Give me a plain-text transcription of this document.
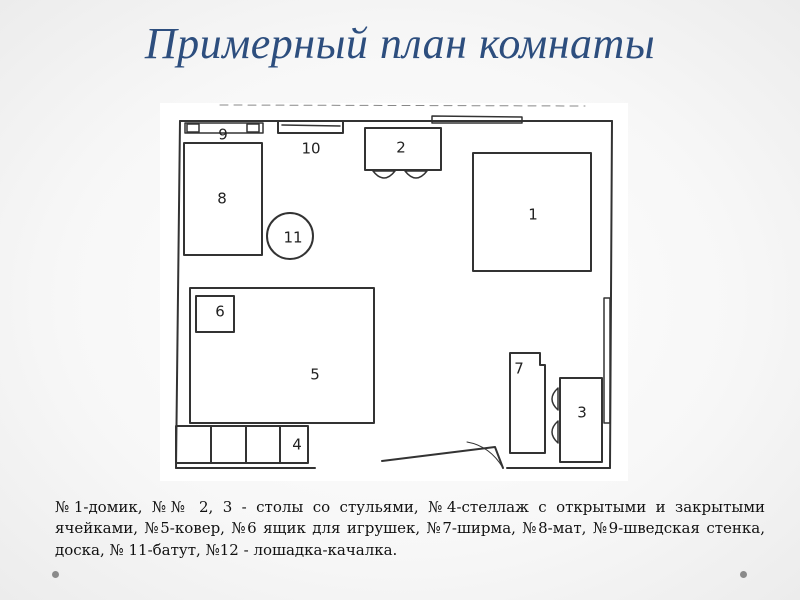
Примерный план комнаты
1
2
3
4
5
6
7
8
9
10
11

№1-домик, №№ 2, 3 - столы со стульями, №4-стеллаж с открытыми и закрытыми ячейками, №5-ковер, №6 ящик для игрушек, №7-ширма, №8-мат, №9-шведская стенка, доска, № 11-батут, №12 - лошадка-качалка.
